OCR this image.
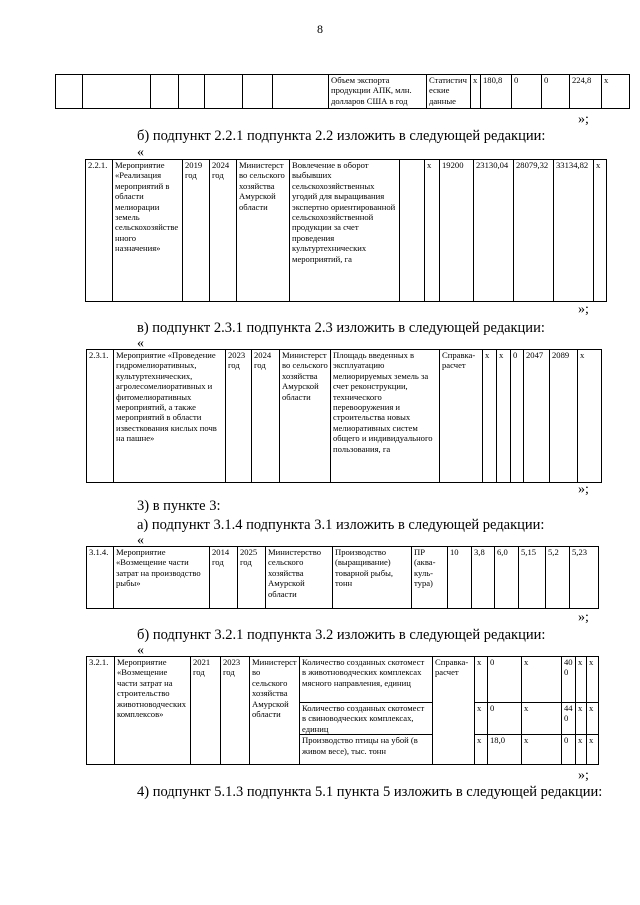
8
							Объем экспорта продукции АПК, млн. долларов США в год	Статистические данные	х	180,8	0	0	224,8	х
»;
б) подпункт 2.2.1 подпункта 2.2 изложить в следующей редакции:
«
2.2.1.	Мероприятие «Реализация мероприятий в области мелиорации земель сельскохозяйственного назначения»	2019 год	2024 год	Министерство сельского хозяйства Амурской области	Вовлечение в оборот выбывших сельскохозяйственных угодий для выращивания экспертно ориентированной сельскохозяйственной продукции за счет проведения культуртехнических мероприятий, га		х	19200	23130,04	28079,32	33134,82	х
»;
в) подпункт 2.3.1 подпункта 2.3 изложить в следующей редакции:
«
2.3.1.	Мероприятие «Проведение гидромелиоративных, культуртехнических, агролесомелиоративных и фитомелиоративных мероприятий, а также мероприятий в области известкования кислых почв на пашне»	2023 год	2024 год	Министерство сельского хозяйства Амурской области	Площадь введенных в эксплуатацию мелиорируемых земель за счет реконструкции, технического перевооружения и строительства новых мелиоративных систем общего и индивидуального пользования, га	Справка-расчет	х	х	0	2047	2089	х
»;
3) в пункте 3:
а) подпункт 3.1.4 подпункта 3.1 изложить в следующей редакции:
«
3.1.4.	Мероприятие «Возмещение части затрат на производство рыбы»	2014 год	2025 год	Министерство сельского хозяйства Амурской области	Производство (выращивание) товарной рыбы, тонн	ПР (аква-куль-тура)	10	3,8	6,0	5,15	5,2	5,23
»;
б) подпункт 3.2.1 подпункта 3.2 изложить в следующей редакции:
«
3.2.1.	Мероприятие «Возмещение части затрат на строительство животноводческих комплексов»	2021 год	2023 год	Министерство сельского хозяйства Амурской области	Количество созданных скотомест в животноводческих комплексах мясного направления, единиц	Справка-расчет	х	0	х	400	х	х
					Количество созданных скотомест в свиноводческих комплексах, единиц		х	0	х	440	х	х
					Производство птицы на убой (в живом весе), тыс. тонн		х	18,0	х	0	х	х
»;
4) подпункт 5.1.3 подпункта 5.1 пункта 5 изложить в следующей редакции:
